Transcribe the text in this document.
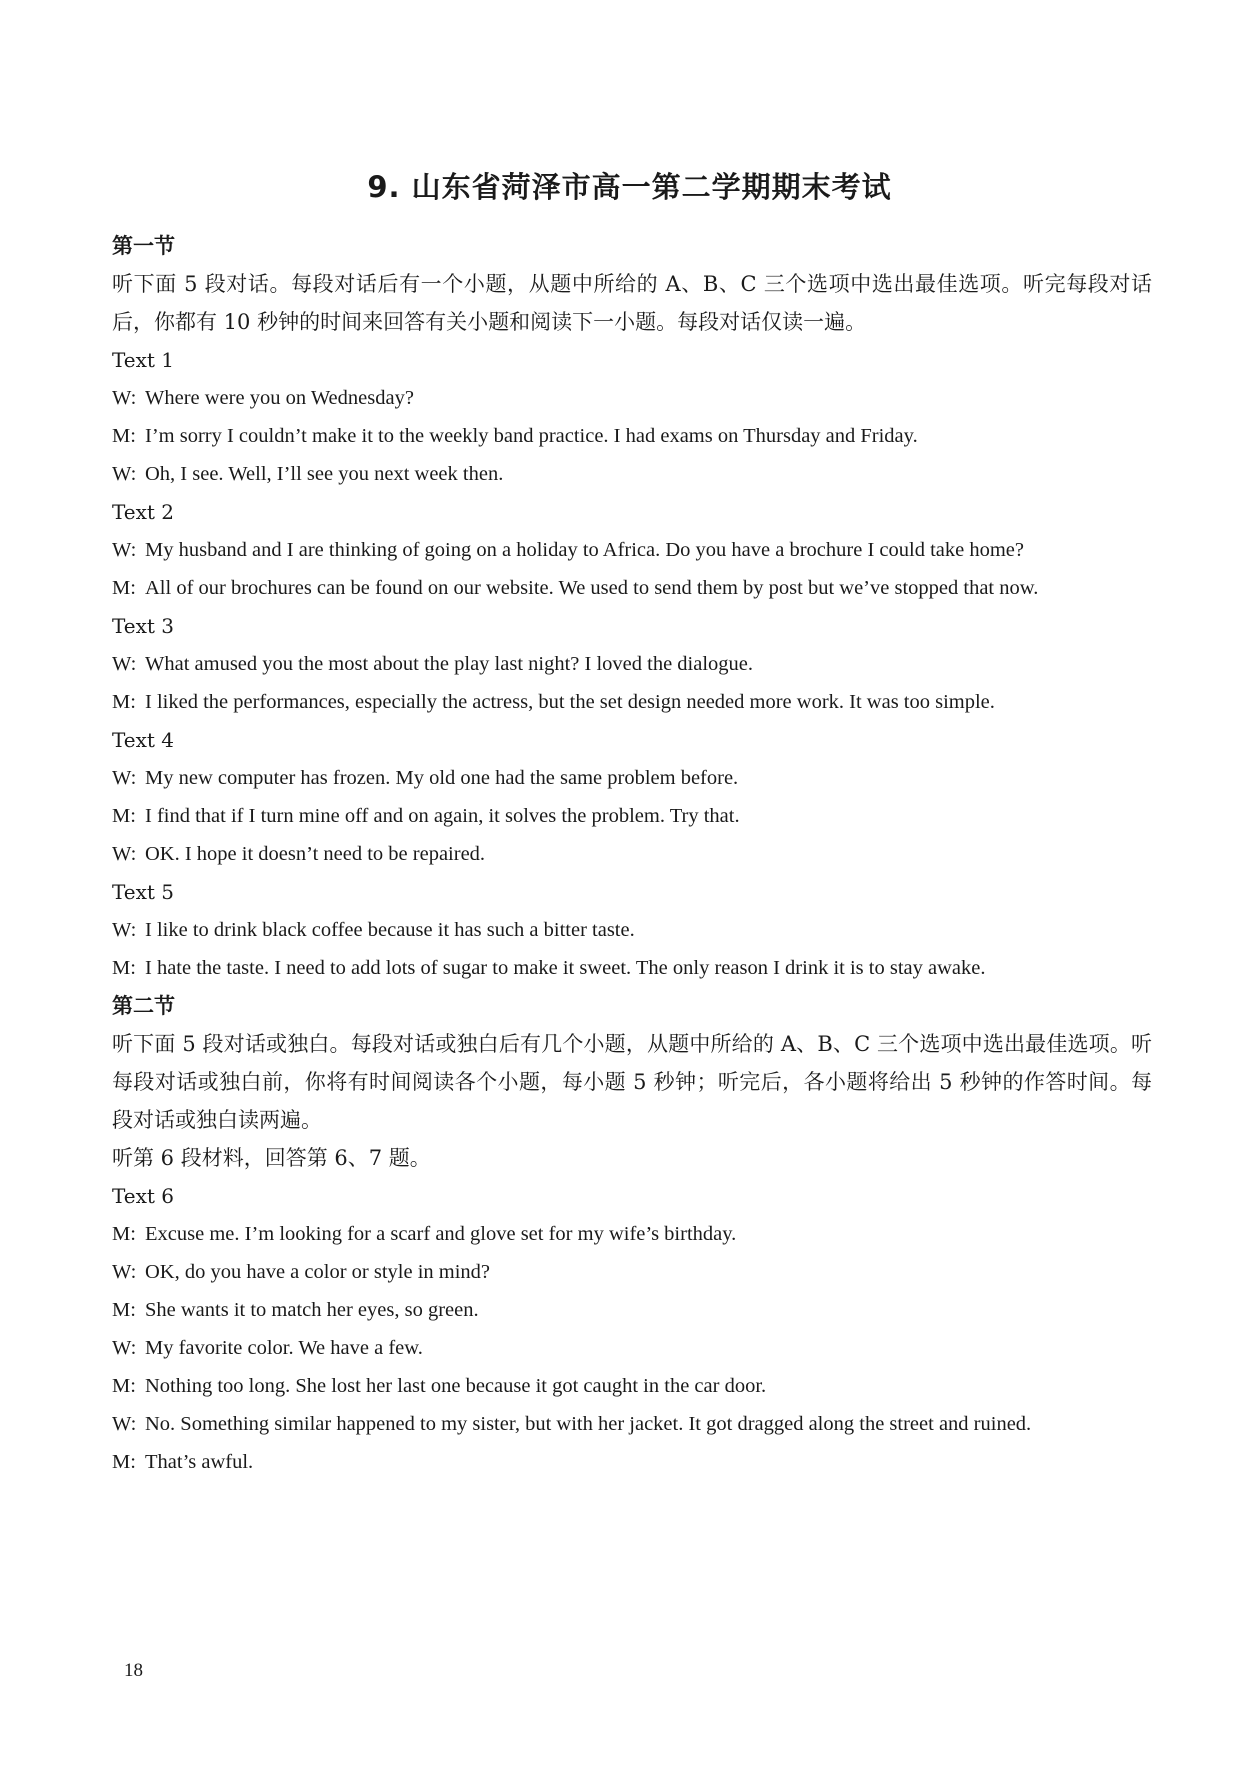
9. 山东省菏泽市高一第二学期期末考试
第一节
听下面 5 段对话。每段对话后有一个小题，从题中所给的 A、B、C 三个选项中选出最佳选项。听完每段对话后，你都有 10 秒钟的时间来回答有关小题和阅读下一小题。每段对话仅读一遍。
Text 1
W: Where were you on Wednesday?
M: I’m sorry I couldn’t make it to the weekly band practice. I had exams on Thursday and Friday.
W: Oh, I see. Well, I’ll see you next week then.
Text 2
W: My husband and I are thinking of going on a holiday to Africa. Do you have a brochure I could take home?
M: All of our brochures can be found on our website. We used to send them by post but we’ve stopped that now.
Text 3
W: What amused you the most about the play last night? I loved the dialogue.
M: I liked the performances, especially the actress, but the set design needed more work. It was too simple.
Text 4
W: My new computer has frozen. My old one had the same problem before.
M: I find that if I turn mine off and on again, it solves the problem. Try that.
W: OK. I hope it doesn’t need to be repaired.
Text 5
W: I like to drink black coffee because it has such a bitter taste.
M: I hate the taste. I need to add lots of sugar to make it sweet. The only reason I drink it is to stay awake.
第二节
听下面 5 段对话或独白。每段对话或独白后有几个小题，从题中所给的 A、B、C 三个选项中选出最佳选项。听每段对话或独白前，你将有时间阅读各个小题，每小题 5 秒钟；听完后，各小题将给出 5 秒钟的作答时间。每段对话或独白读两遍。
听第 6 段材料，回答第 6、7 题。
Text 6
M: Excuse me. I’m looking for a scarf and glove set for my wife’s birthday.
W: OK, do you have a color or style in mind?
M: She wants it to match her eyes, so green.
W: My favorite color. We have a few.
M: Nothing too long. She lost her last one because it got caught in the car door.
W: No. Something similar happened to my sister, but with her jacket. It got dragged along the street and ruined.
M: That’s awful.
18
